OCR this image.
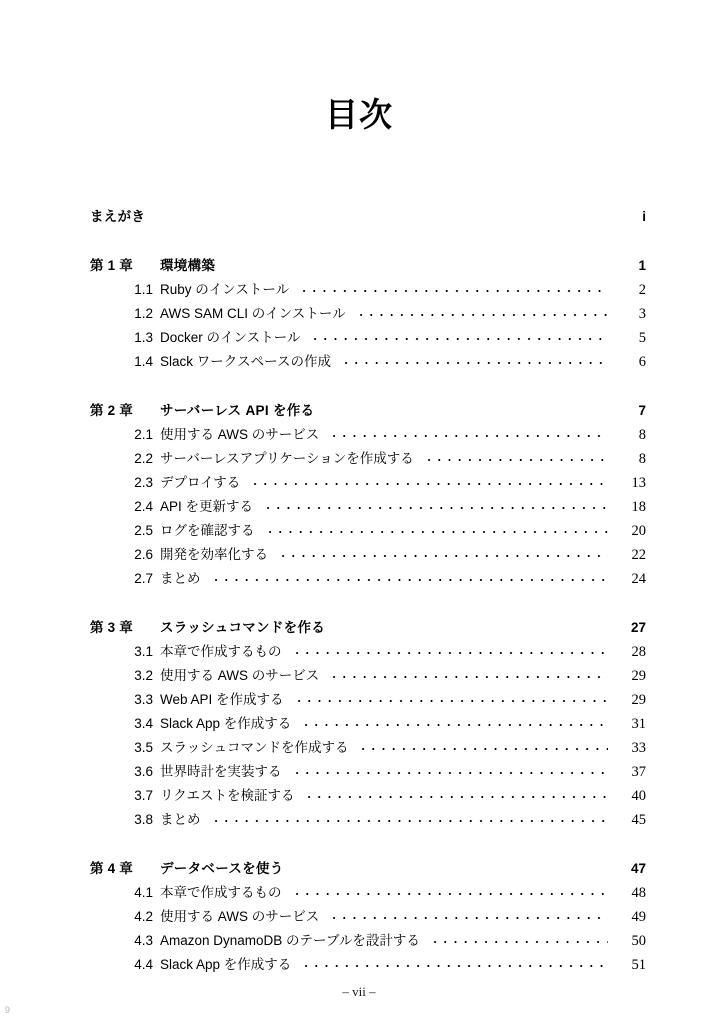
目次
まえがき	i
第 1 章	環境構築	1
1.1 Ruby のインストール	2
1.2 AWS SAM CLI のインストール	3
1.3 Docker のインストール	5
1.4 Slack ワークスペースの作成	6
第 2 章	サーバーレス API を作る	7
2.1 使用する AWS のサービス	8
2.2 サーバーレスアプリケーションを作成する	8
2.3 デプロイする	13
2.4 API を更新する	18
2.5 ログを確認する	20
2.6 開発を効率化する	22
2.7 まとめ	24
第 3 章	スラッシュコマンドを作る	27
3.1 本章で作成するもの	28
3.2 使用する AWS のサービス	29
3.3 Web API を作成する	29
3.4 Slack App を作成する	31
3.5 スラッシュコマンドを作成する	33
3.6 世界時計を実装する	37
3.7 リクエストを検証する	40
3.8 まとめ	45
第 4 章	データベースを使う	47
4.1 本章で作成するもの	48
4.2 使用する AWS のサービス	49
4.3 Amazon DynamoDB のテーブルを設計する	50
4.4 Slack App を作成する	51
– vii –
9
